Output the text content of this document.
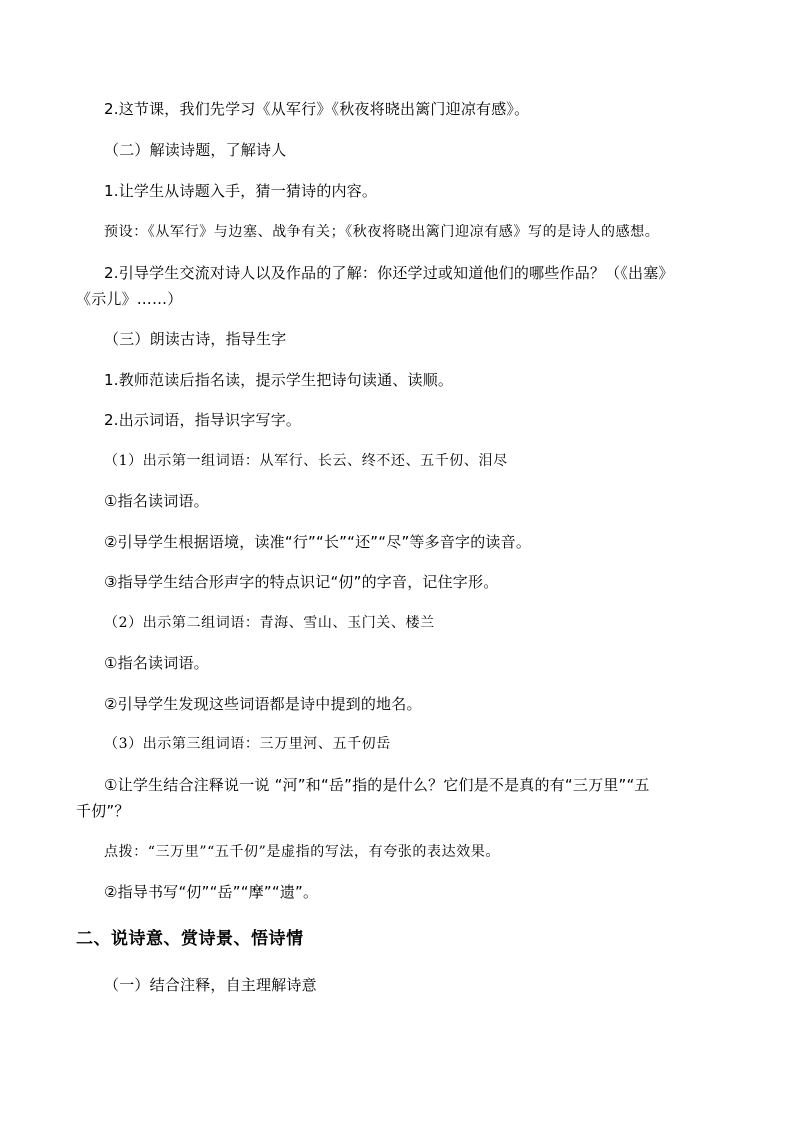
2.这节课，我们先学习《从军行》《秋夜将晓出篱门迎凉有感》。
（二）解读诗题，了解诗人
1.让学生从诗题入手，猜一猜诗的内容。
预设：《从军行》与边塞、战争有关；《秋夜将晓出篱门迎凉有感》写的是诗人的感想。
2.引导学生交流对诗人以及作品的了解：你还学过或知道他们的哪些作品？（《出塞》
《示儿》……）
（三）朗读古诗，指导生字
1.教师范读后指名读，提示学生把诗句读通、读顺。
2.出示词语，指导识字写字。
（1）出示第一组词语：从军行、长云、终不还、五千仞、泪尽
①指名读词语。
②引导学生根据语境，读准“行”“长”“还”“尽”等多音字的读音。
③指导学生结合形声字的特点识记“仞”的字音，记住字形。
（2）出示第二组词语：青海、雪山、玉门关、楼兰
①指名读词语。
②引导学生发现这些词语都是诗中提到的地名。
（3）出示第三组词语：三万里河、五千仞岳
①让学生结合注释说一说 “河”和“岳”指的是什么？它们是不是真的有“三万里”“五
千仞”？
点拨：“三万里”“五千仞”是虚指的写法，有夸张的表达效果。
②指导书写“仞”“岳”“摩”“遗”。
二、说诗意、赏诗景、悟诗情
（一）结合注释，自主理解诗意
